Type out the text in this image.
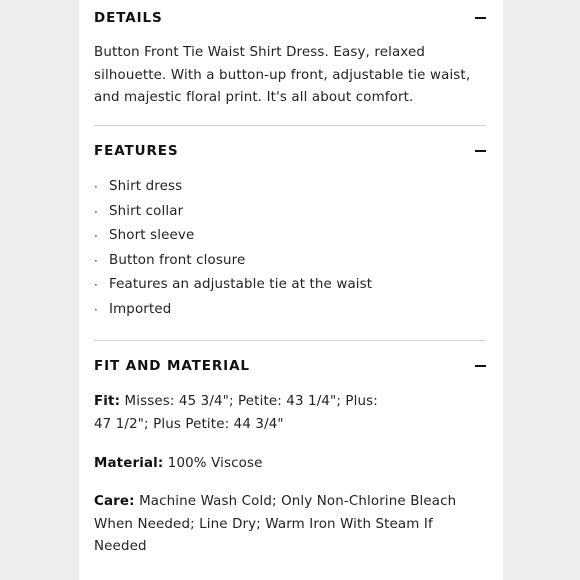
DETAILS

Button Front Tie Waist Shirt Dress. Easy, relaxed silhouette. With a button-up front, adjustable tie waist, and majestic floral print. It's all about comfort.

FEATURES
· Shirt dress
· Shirt collar
· Short sleeve
· Button front closure
· Features an adjustable tie at the waist
· Imported
FIT AND MATERIAL

Fit: Misses: 45 3/4"; Petite: 43 1/4"; Plus: 47 1/2"; Plus Petite: 44 3/4"

Material: 100% Viscose

Care: Machine Wash Cold; Only Non-Chlorine Bleach When Needed; Line Dry; Warm Iron With Steam If Needed
